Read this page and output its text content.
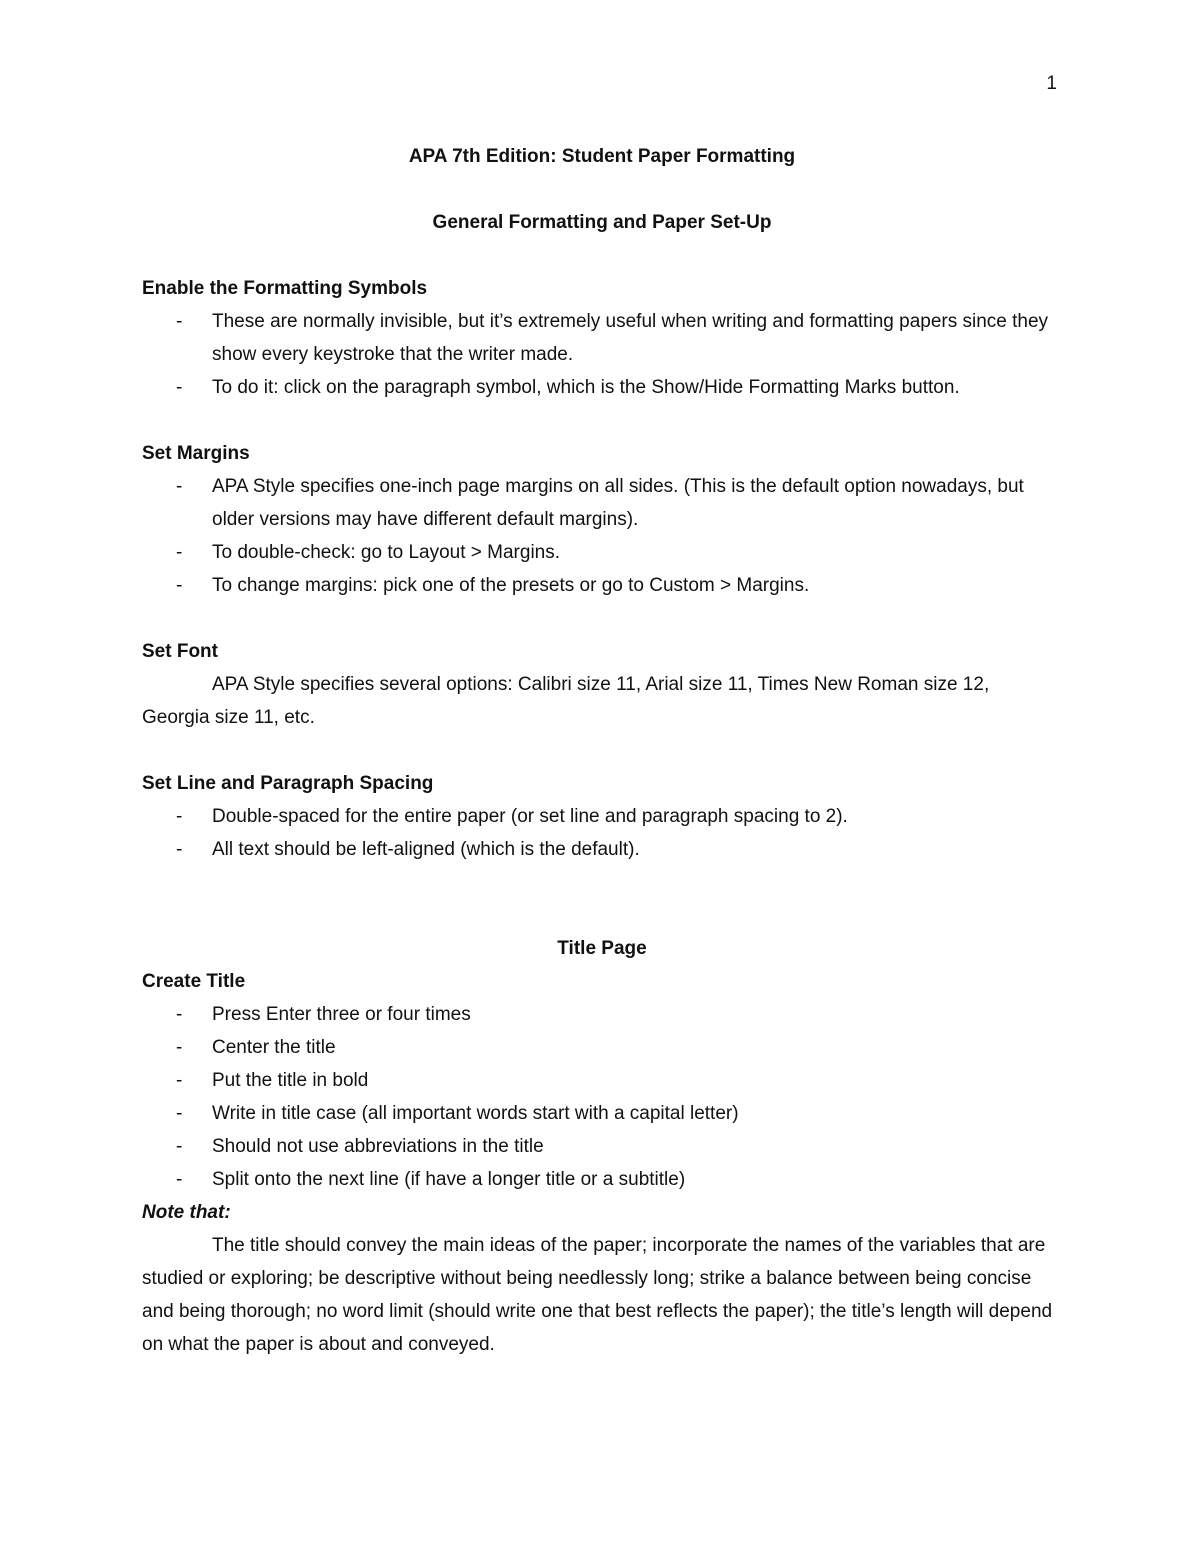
1

APA 7th Edition: Student Paper Formatting

General Formatting and Paper Set-Up

Enable the Formatting Symbols

- These are normally invisible, but it’s extremely useful when writing and formatting papers since they show every keystroke that the writer made.
- To do it: click on the paragraph symbol, which is the Show/Hide Formatting Marks button.

Set Margins

- APA Style specifies one-inch page margins on all sides. (This is the default option nowadays, but older versions may have different default margins).
- To double-check: go to Layout > Margins.
- To change margins: pick one of the presets or go to Custom > Margins.

Set Font

APA Style specifies several options: Calibri size 11, Arial size 11, Times New Roman size 12, Georgia size 11, etc.

Set Line and Paragraph Spacing

- Double-spaced for the entire paper (or set line and paragraph spacing to 2).
- All text should be left-aligned (which is the default).

Title Page

Create Title

- Press Enter three or four times
- Center the title
- Put the title in bold
- Write in title case (all important words start with a capital letter)
- Should not use abbreviations in the title
- Split onto the next line (if have a longer title or a subtitle)

Note that:

The title should convey the main ideas of the paper; incorporate the names of the variables that are studied or exploring; be descriptive without being needlessly long; strike a balance between being concise and being thorough; no word limit (should write one that best reflects the paper); the title’s length will depend on what the paper is about and conveyed.
